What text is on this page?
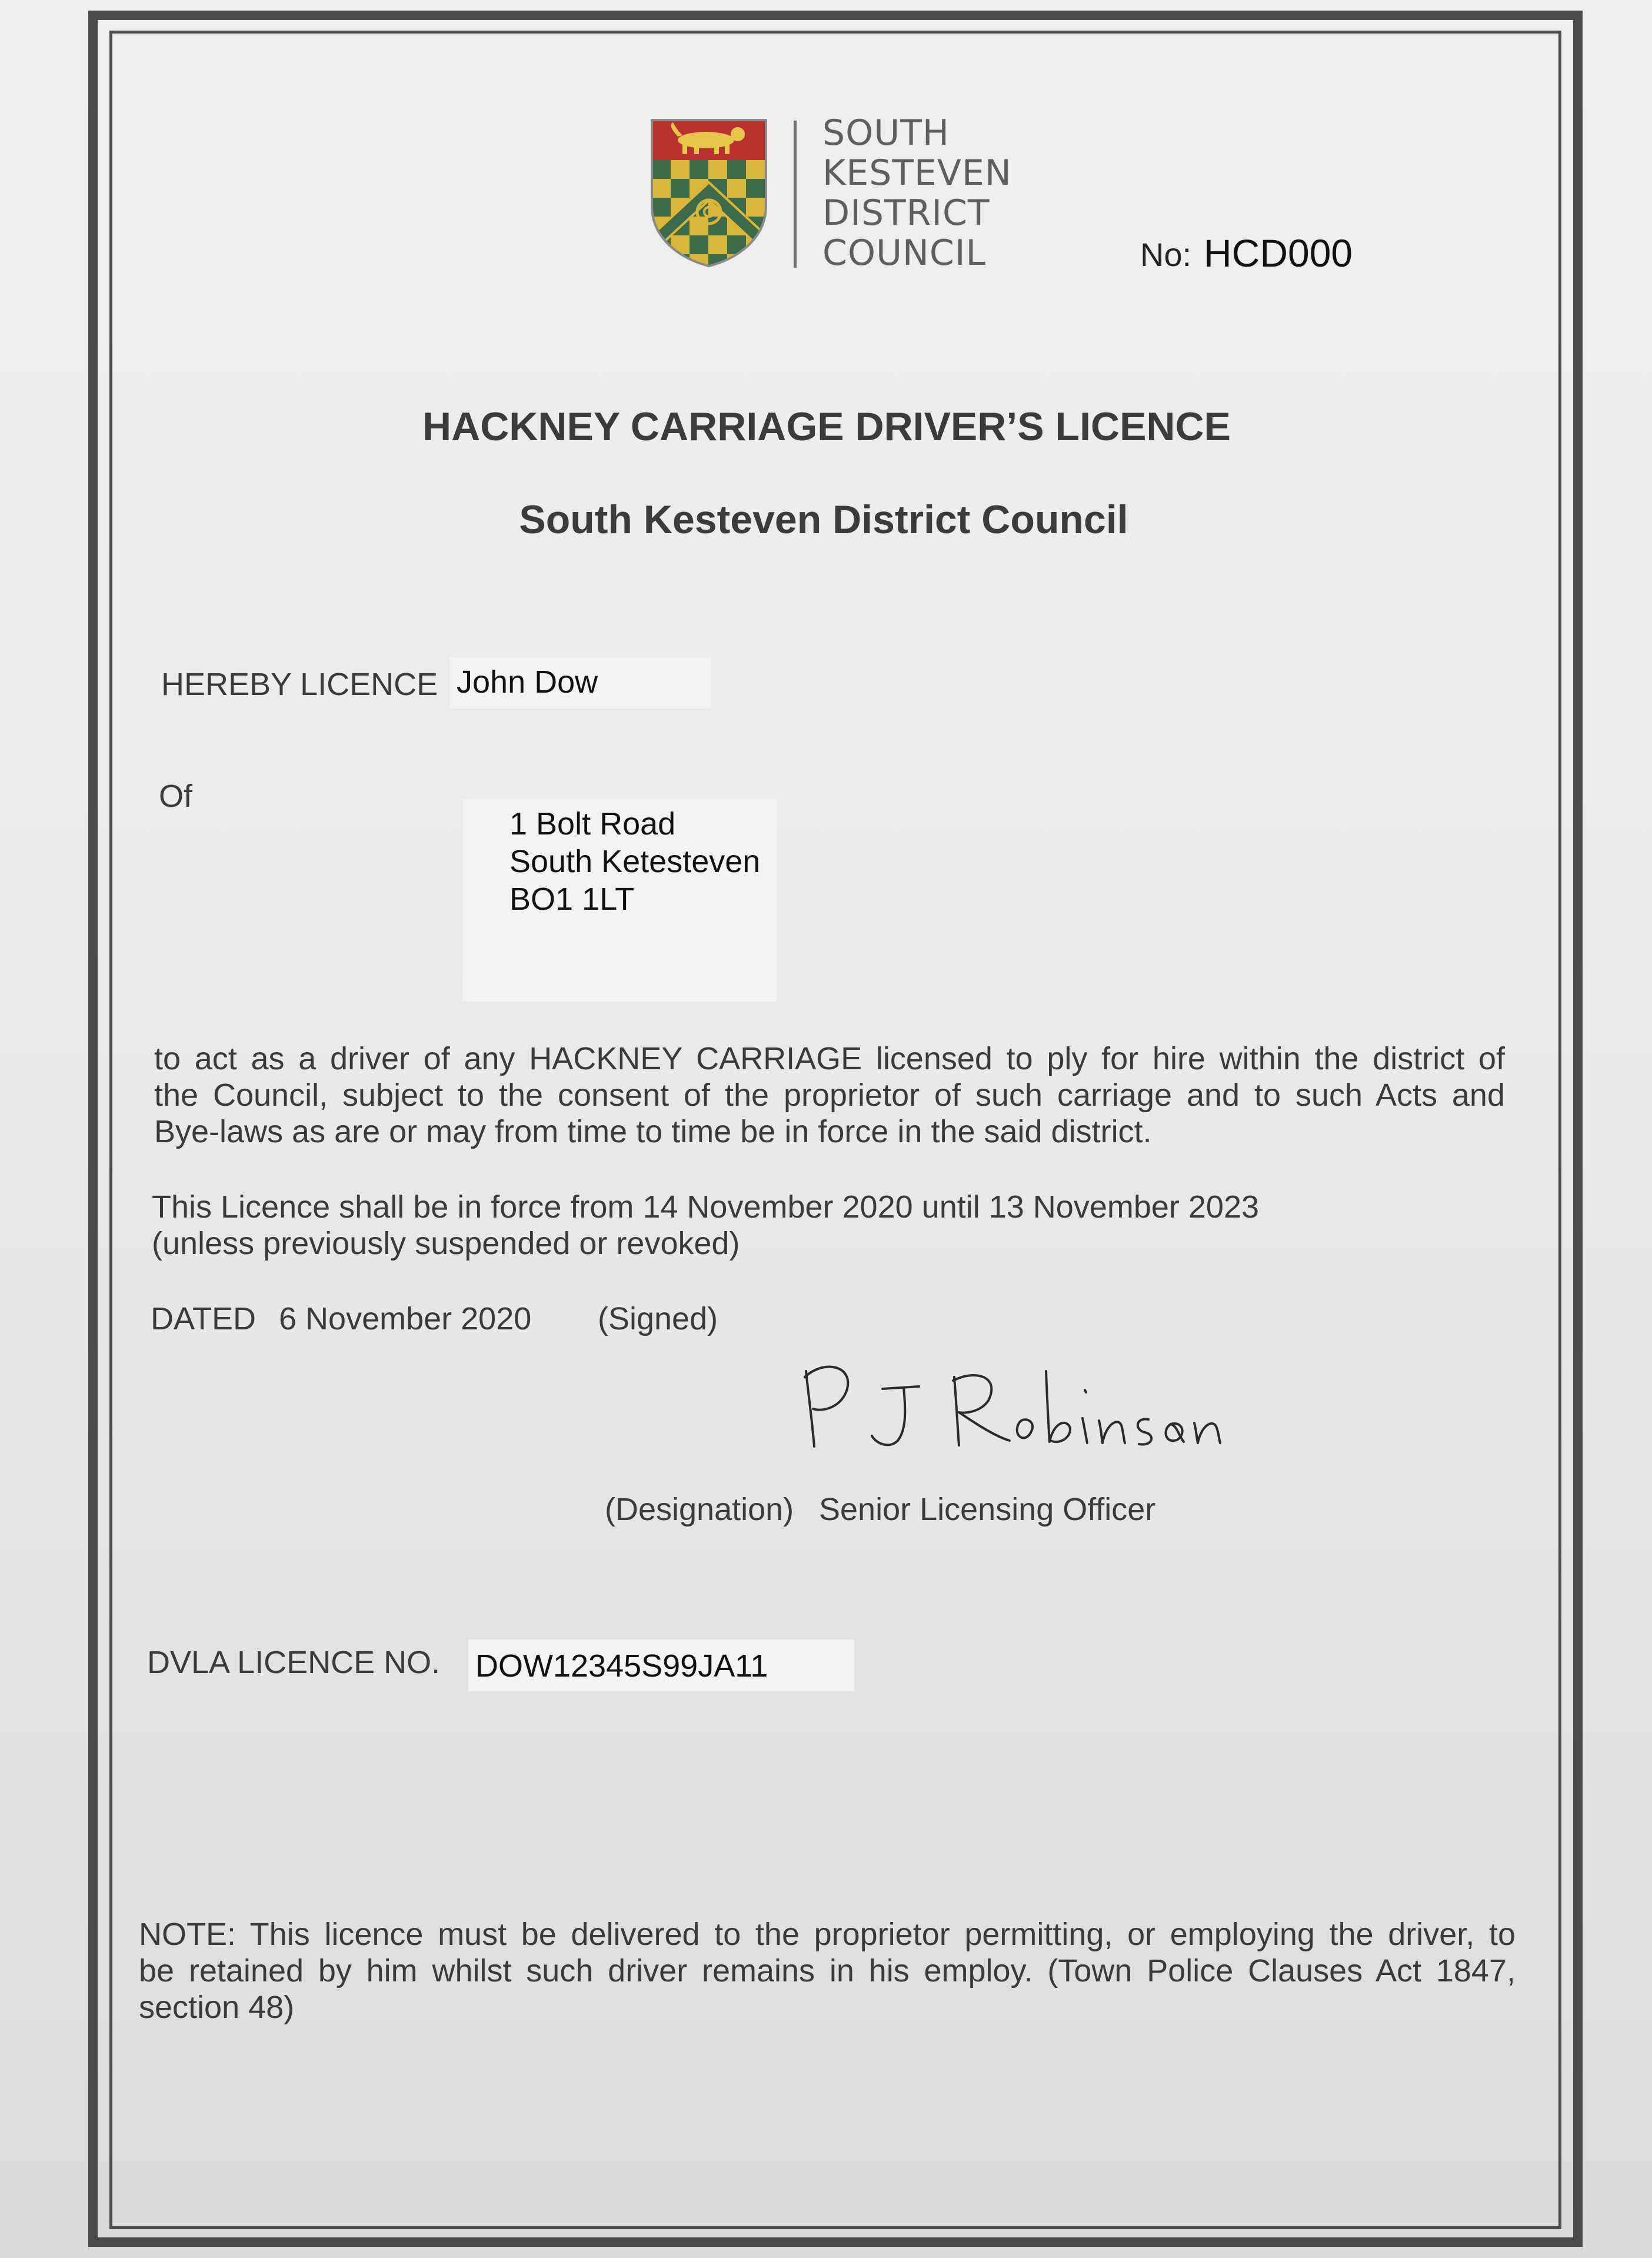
SOUTH
KESTEVEN
DISTRICT
COUNCIL	No: HCD000
HACKNEY CARRIAGE DRIVER’S LICENCE
South Kesteven District Council
HEREBY LICENCE John Dow
Of
1 Bolt Road
South Ketesteven
BO1 1LT
to act as a driver of any HACKNEY CARRIAGE licensed to ply for hire within the district of
the Council, subject to the consent of the proprietor of such carriage and to such Acts and
Bye-laws as are or may from time to time be in force in the said district.
This Licence shall be in force from 14 November 2020 until 13 November 2023
(unless previously suspended or revoked)
DATED 6 November 2020 (Signed)
(Designation) Senior Licensing Officer
DVLA LICENCE NO. DOW12345S99JA11
NOTE: This licence must be delivered to the proprietor permitting, or employing the driver, to
be retained by him whilst such driver remains in his employ. (Town Police Clauses Act 1847,
section 48)
